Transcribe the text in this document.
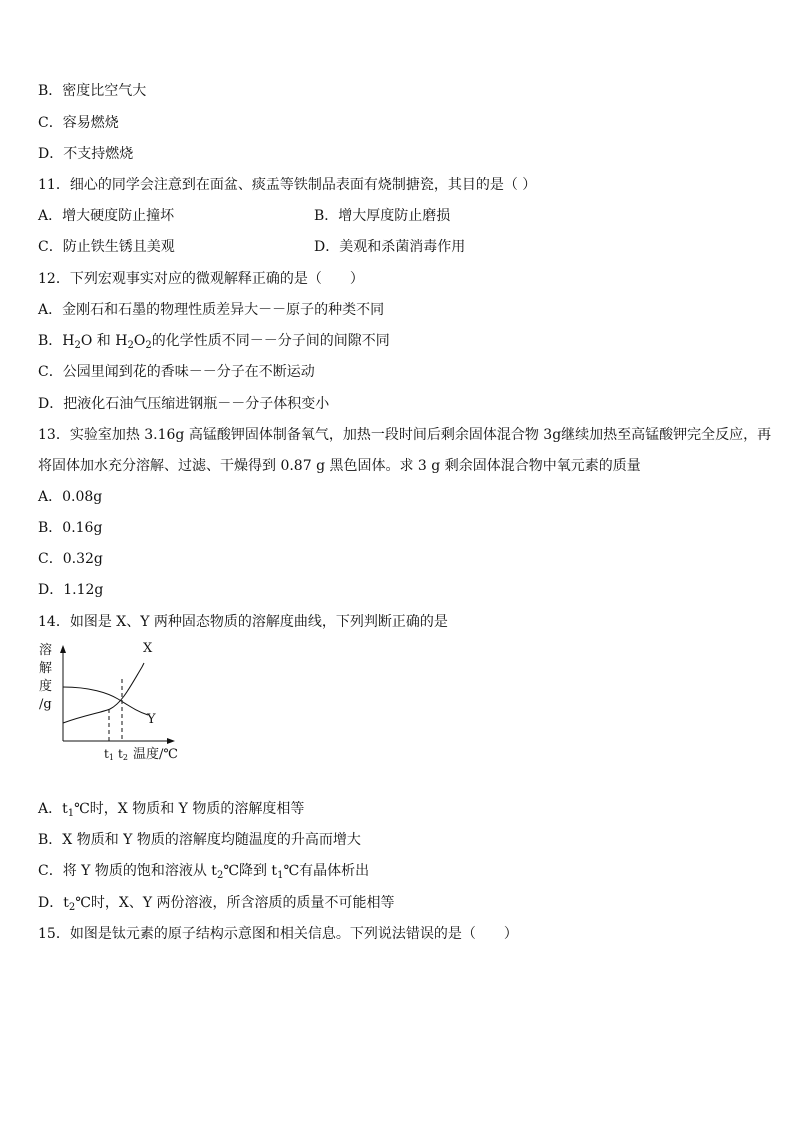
B．密度比空气大
C．容易燃烧
D．不支持燃烧
11．细心的同学会注意到在面盆、痰盂等铁制品表面有烧制搪瓷，其目的是（ ）
A．增大硬度防止撞坏	B．增大厚度防止磨损
C．防止铁生锈且美观	D．美观和杀菌消毒作用
12．下列宏观事实对应的微观解释正确的是（　　）
A．金刚石和石墨的物理性质差异大－－原子的种类不同
B．$H_2O$ 和 $H_2O_2$的化学性质不同－－分子间的间隙不同
C．公园里闻到花的香味－－分子在不断运动
D．把液化石油气压缩进钢瓶－－分子体积变小
13．实验室加热 3.16g 高锰酸钾固体制备氧气，加热一段时间后剩余固体混合物 3g继续加热至高锰酸钾完全反应，再
将固体加水充分溶解、过滤、干燥得到 0.87 g 黑色固体。求 3 g 剩余固体混合物中氧元素的质量
A．0.08g
B．0.16g
C．0.32g
D．1.12g
14．如图是 X、Y 两种固态物质的溶解度曲线，下列判断正确的是
溶
解
度
/g
X
Y
t1 t2 温度/℃
A．$t_1℃$时，X 物质和 Y 物质的溶解度相等
B．X 物质和 Y 物质的溶解度均随温度的升高而增大
C．将 Y 物质的饱和溶液从 $t_2℃$降到 $t_1℃$有晶体析出
D．$t_2℃$时，X、Y 两份溶液，所含溶质的质量不可能相等
15．如图是钛元素的原子结构示意图和相关信息。下列说法错误的是（　　）
